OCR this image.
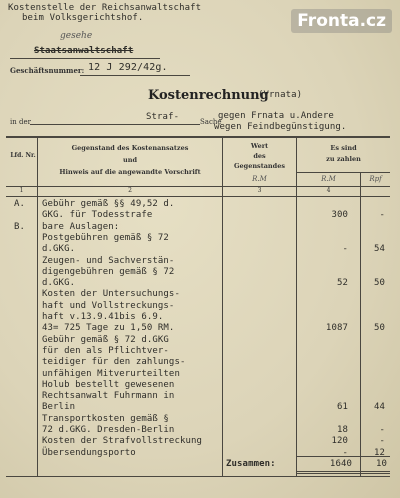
Kostenstelle der Reichsanwaltschaft
beim Volksgerichtshof.
gesehe
Staatsanwaltschaft
Geschäftsnummer: 12 J 292/42g.
Fronta.cz
Kostenrechnung
(Vrnata)
in der	Straf-	Sache
gegen Frnata u.Andere
wegen Feindbegünstigung.
Lfd. Nr.
Gegenstand des Kostenansatzes
und
Hinweis auf die angewandte Vorschrift
Wert
des
Gegenstandes
R.M
Es sind
zu zahlen
R.M	Rpf
1	2	3	4
A. Gebühr gemäß §§ 49,52 d.
GKG. für Todesstrafe	300	-
B. bare Auslagen:
Postgebühren gemäß § 72
d.GKG.	-	54
Zeugen- und Sachverstän-
digengebühren gemäß § 72
d.GKG.	52	50
Kosten der Untersuchungs-
haft und Vollstreckungs-
haft v.13.9.41bis 6.9.
43= 725 Tage zu 1,50 RM.	1087	50
Gebühr gemäß § 72 d.GKG
für den als Pflichtver-
teidiger für den zahlungs-
unfähigen Mitverurteilten
Holub bestellt gewesenen
Rechtsanwalt Fuhrmann in
Berlin	61	44
Transportkosten gemäß §
72 d.GKG. Dresden-Berlin	18	-
Kosten der Strafvollstreckung	120	-
Übersendungsporto	-	12
Zusammen:	1640	10
